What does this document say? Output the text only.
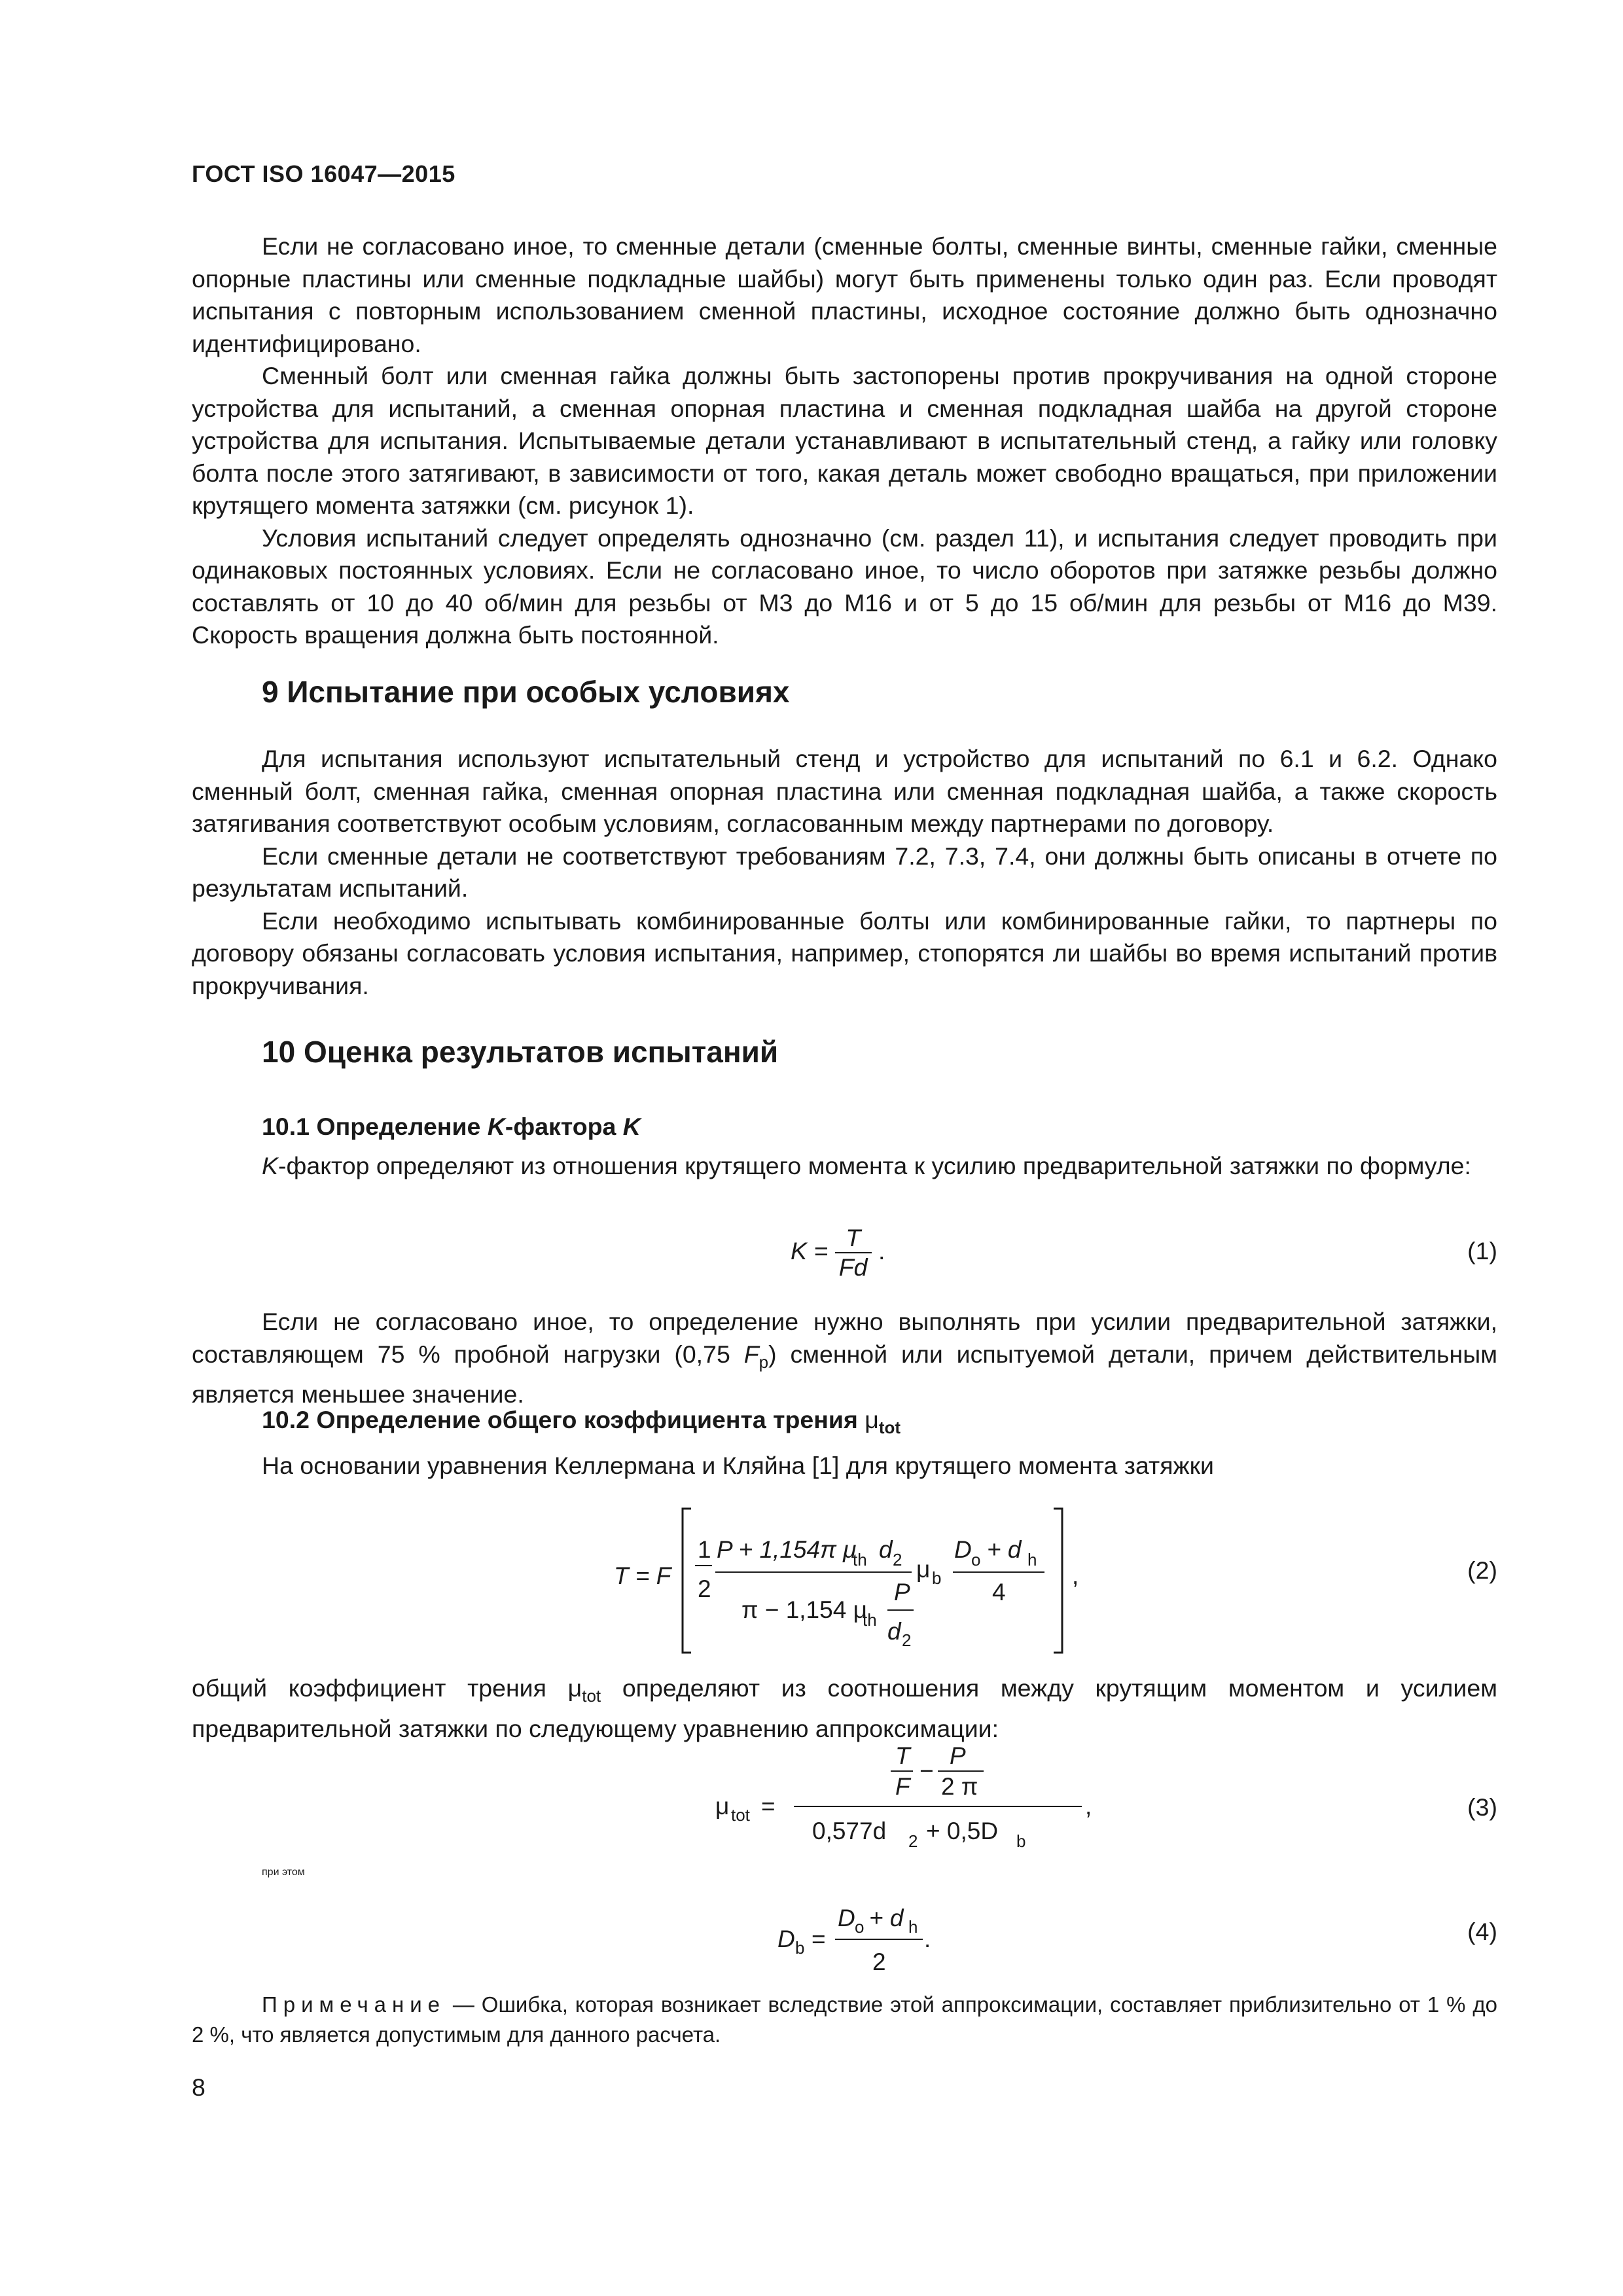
ГОСТ ISO 16047—2015

Если не согласовано иное, то сменные детали (сменные болты, сменные винты, сменные гайки, сменные опорные пластины или сменные подкладные шайбы) могут быть применены только один раз. Если проводят испытания с повторным использованием сменной пластины, исходное состояние должно быть однозначно идентифицировано.

Сменный болт или сменная гайка должны быть застопорены против прокручивания на одной стороне устройства для испытаний, а сменная опорная пластина и сменная подкладная шайба на другой стороне устройства для испытания. Испытываемые детали устанавливают в испытательный стенд, а гайку или головку болта после этого затягивают, в зависимости от того, какая деталь может свободно вращаться, при приложении крутящего момента затяжки (см. рисунок 1).

Условия испытаний следует определять однозначно (см. раздел 11), и испытания следует проводить при одинаковых постоянных условиях. Если не согласовано иное, то число оборотов при затяжке резьбы должно составлять от 10 до 40 об/мин для резьбы от М3 до М16 и от 5 до 15 об/мин для резьбы от М16 до М39. Скорость вращения должна быть постоянной.

9 Испытание при особых условиях

Для испытания используют испытательный стенд и устройство для испытаний по 6.1 и 6.2. Однако сменный болт, сменная гайка, сменная опорная пластина или сменная подкладная шайба, а также скорость затягивания соответствуют особым условиям, согласованным между партнерами по договору.

Если сменные детали не соответствуют требованиям 7.2, 7.3, 7.4, они должны быть описаны в отчете по результатам испытаний.

Если необходимо испытывать комбинированные болты или комбинированные гайки, то партнеры по договору обязаны согласовать условия испытания, например, стопорятся ли шайбы во время испытаний против прокручивания.

10 Оценка результатов испытаний
10.1 Определение K-фактора K

K-фактор определяют из отношения крутящего момента к усилию предварительной затяжки по формуле:

$K = \frac{T}{Fd}$ .	(1)

Если не согласовано иное, то определение нужно выполнять при усилии предварительной затяжки, составляющем 75 % пробной нагрузки (0,75 $F_p$) сменной или испытуемой детали, причем действительным является меньшее значение.

10.2 Определение общего коэффициента трения $\mu_{tot}$

На основании уравнения Келлермана и Кляйна [1] для крутящего момента затяжки

T = F
1
2
P + 1,154π μ
th d 2
π − 1,154 μ
th
P
d 2
μ b
D o + d h
4
,	(2)

общий коэффициент трения $\mu_{tot}$ определяют из соотношения между крутящим моментом и усилием предварительной затяжки по следующему уравнению аппроксимации:

μ tot =
T
F
−
P
2 π
0,577d 2 + 0,5D b
,	(3)
при этом
D b =
D o + d h
2
.	(4)

Примечание — Ошибка, которая возникает вследствие этой аппроксимации, составляет приблизительно от 1 % до 2 %, что является допустимым для данного расчета.

8
